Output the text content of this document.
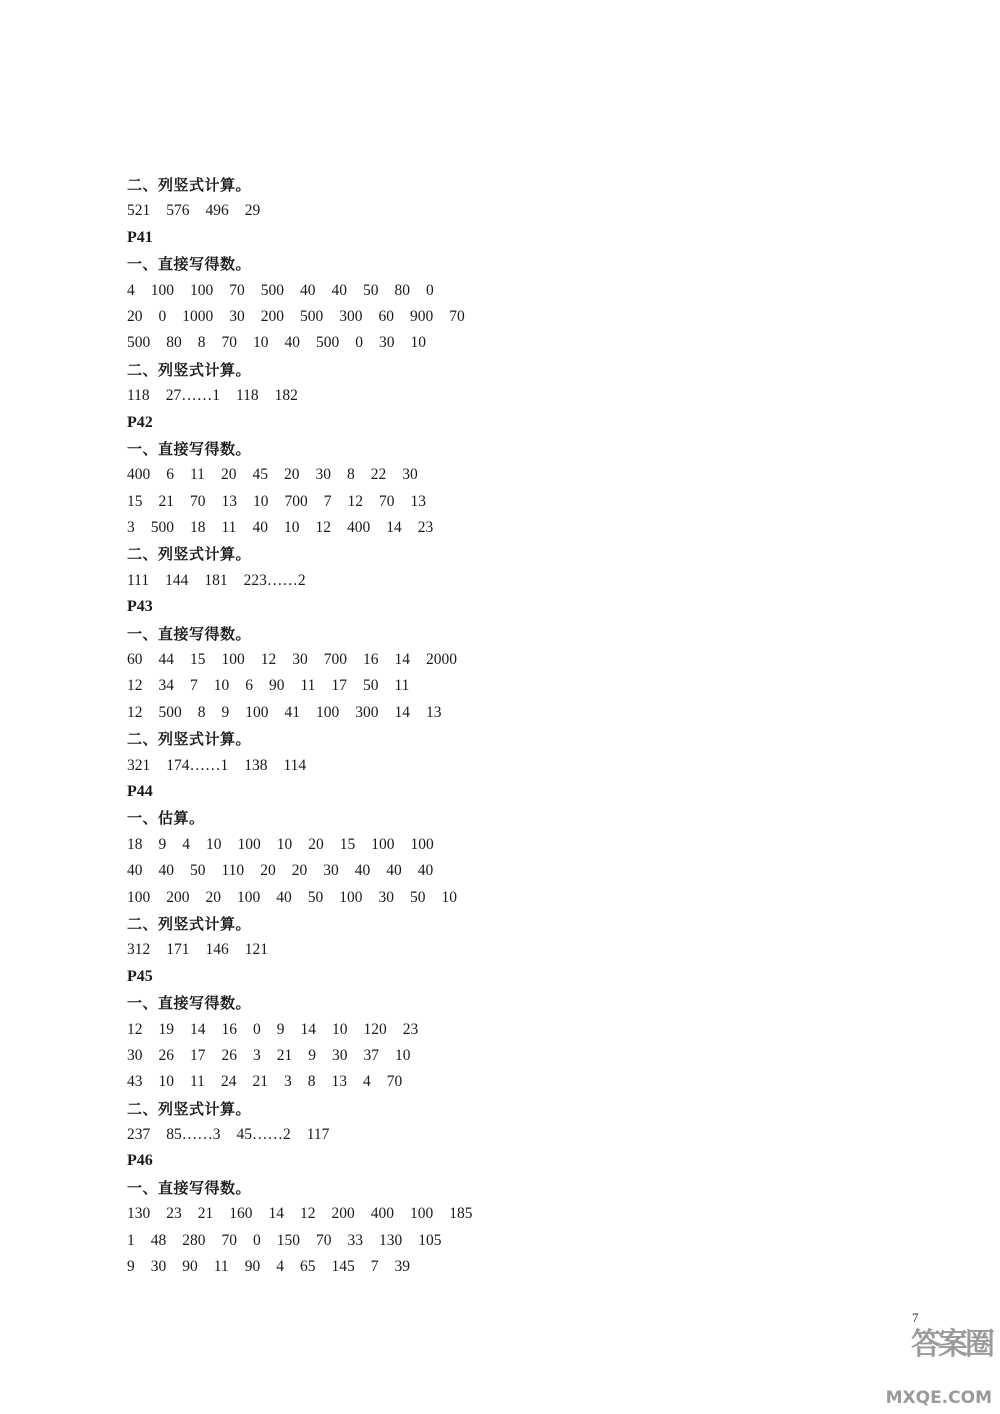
二、列竖式计算。
521 576 496 29
P41
一、直接写得数。
4 100 100 70 500 40 40 50 80 0
20 0 1000 30 200 500 300 60 900 70
500 80 8 70 10 40 500 0 30 10
二、列竖式计算。
118 27……1 118 182
P42
一、直接写得数。
400 6 11 20 45 20 30 8 22 30
15 21 70 13 10 700 7 12 70 13
3 500 18 11 40 10 12 400 14 23
二、列竖式计算。
111 144 181 223……2
P43
一、直接写得数。
60 44 15 100 12 30 700 16 14 2000
12 34 7 10 6 90 11 17 50 11
12 500 8 9 100 41 100 300 14 13
二、列竖式计算。
321 174……1 138 114
P44
一、估算。
18 9 4 10 100 10 20 15 100 100
40 40 50 110 20 20 30 40 40 40
100 200 20 100 40 50 100 30 50 10
二、列竖式计算。
312 171 146 121
P45
一、直接写得数。
12 19 14 16 0 9 14 10 120 23
30 26 17 26 3 21 9 30 37 10
43 10 11 24 21 3 8 13 4 70
二、列竖式计算。
237 85……3 45……2 117
P46
一、直接写得数。
130 23 21 160 14 12 200 400 100 185
1 48 280 70 0 150 70 33 130 105
9 30 90 11 90 4 65 145 7 39
7
答案圈
MXQE.COM
